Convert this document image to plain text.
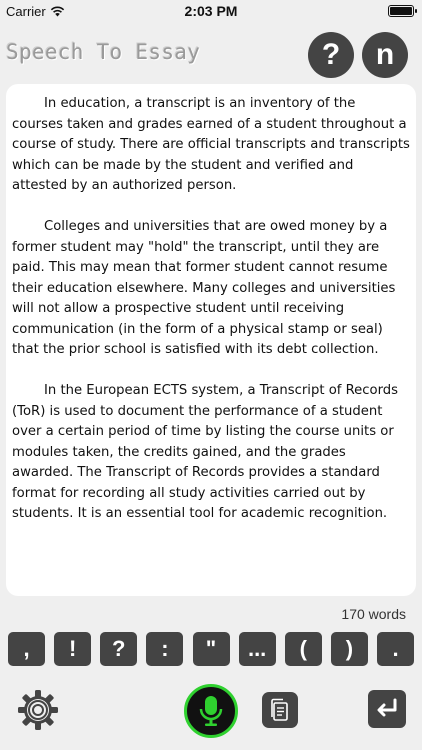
Carrier	2:03 PM
Speech To Essay	? n

In education, a transcript is an inventory of the courses taken and grades earned of a student throughout a course of study. There are official transcripts and transcripts which can be made by the student and verified and attested by an authorized person.

Colleges and universities that are owed money by a former student may "hold" the transcript, until they are paid. This may mean that former student cannot resume their education elsewhere. Many colleges and universities will not allow a prospective student until receiving communication (in the form of a physical stamp or seal) that the prior school is satisfied with its debt collection.

In the European ECTS system, a Transcript of Records (ToR) is used to document the performance of a student over a certain period of time by listing the course units or modules taken, the credits gained, and the grades awarded. The Transcript of Records provides a standard format for recording all study activities carried out by students. It is an essential tool for academic recognition.

170 words
,	!	?	:	"	...	(	)	.
